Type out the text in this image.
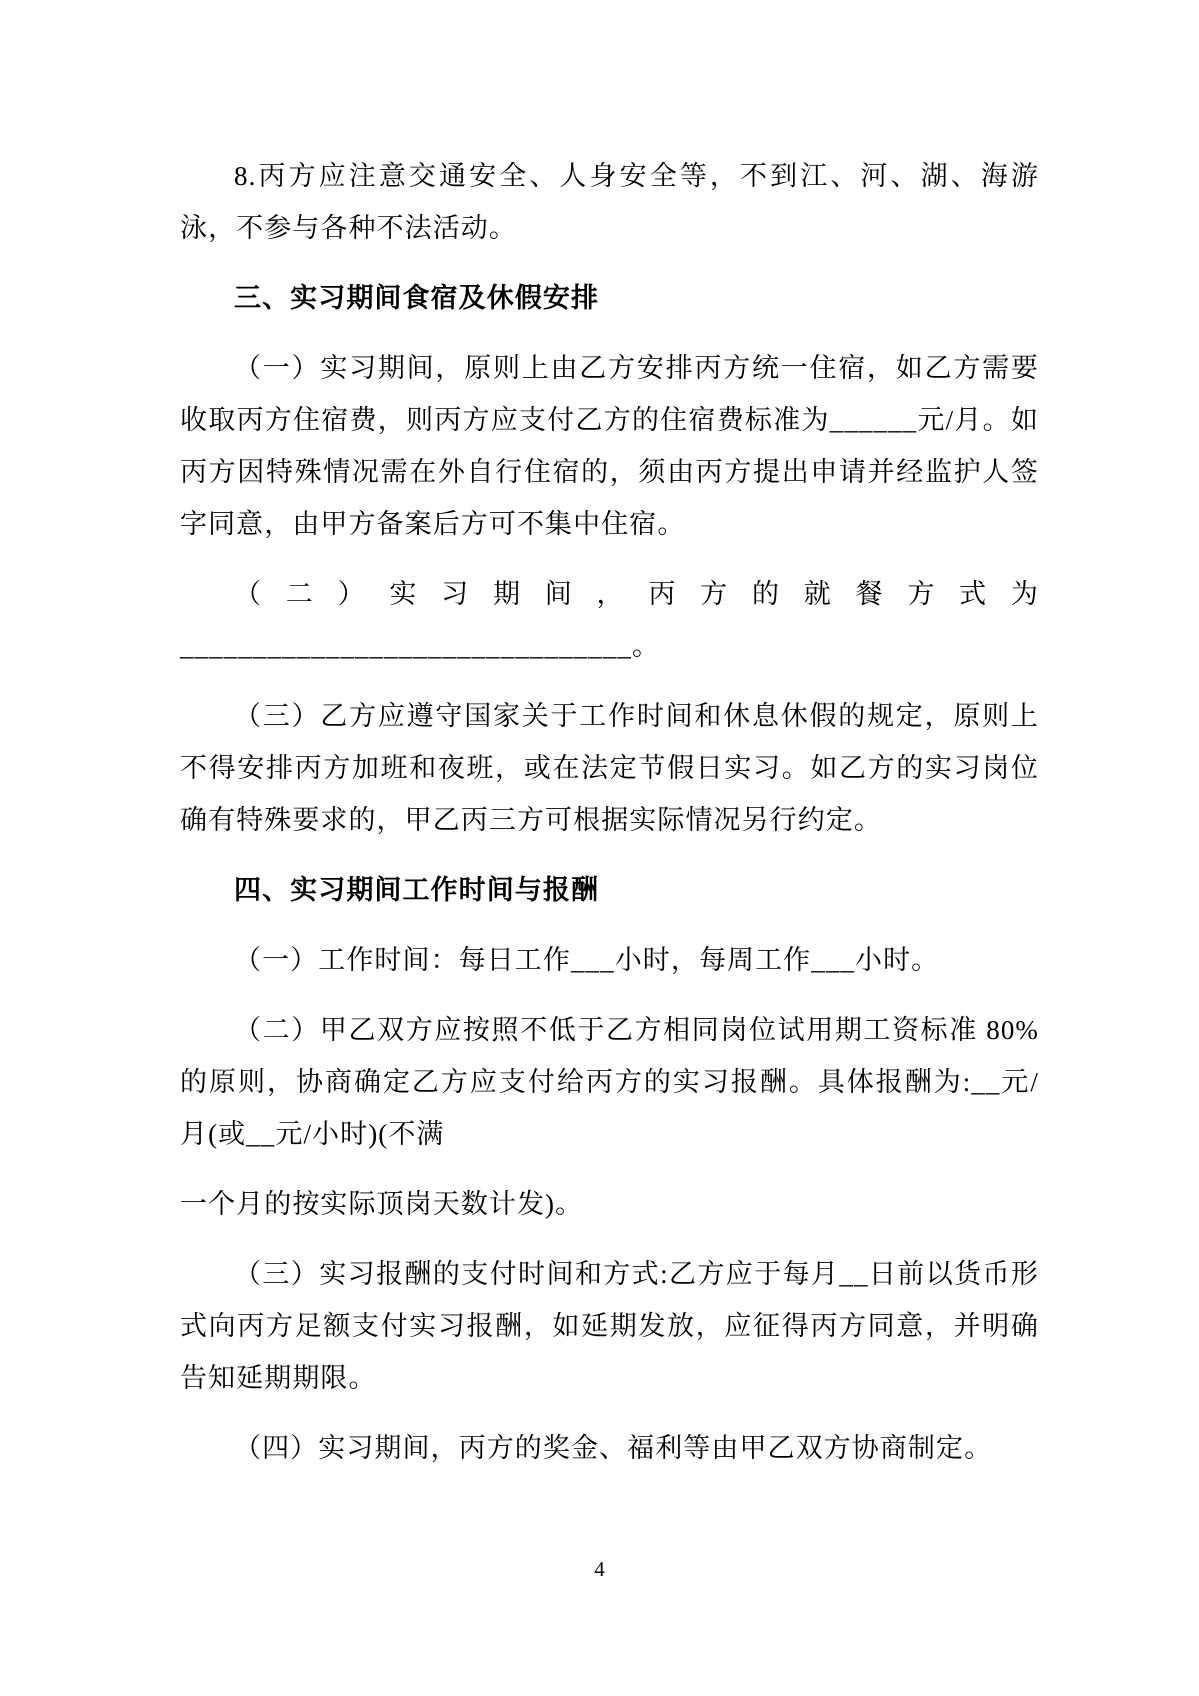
8.丙方应注意交通安全、人身安全等，不到江、河、湖、海游泳，不参与各种不法活动。

三、实习期间食宿及休假安排

（一）实习期间，原则上由乙方安排丙方统一住宿，如乙方需要收取丙方住宿费，则丙方应支付乙方的住宿费标准为______元/月。如丙方因特殊情况需在外自行住宿的，须由丙方提出申请并经监护人签字同意，由甲方备案后方可不集中住宿。

（二）实习期间，丙方的就餐方式为_______________________________。

（三）乙方应遵守国家关于工作时间和休息休假的规定，原则上不得安排丙方加班和夜班，或在法定节假日实习。如乙方的实习岗位确有特殊要求的，甲乙丙三方可根据实际情况另行约定。

四、实习期间工作时间与报酬

（一）工作时间：每日工作___小时，每周工作___小时。

（二）甲乙双方应按照不低于乙方相同岗位试用期工资标准 80%的原则，协商确定乙方应支付给丙方的实习报酬。具体报酬为:__元/月(或__元/小时)(不满

一个月的按实际顶岗天数计发)。

（三）实习报酬的支付时间和方式:乙方应于每月__日前以货币形式向丙方足额支付实习报酬，如延期发放，应征得丙方同意，并明确告知延期期限。

（四）实习期间，丙方的奖金、福利等由甲乙双方协商制定。

4
